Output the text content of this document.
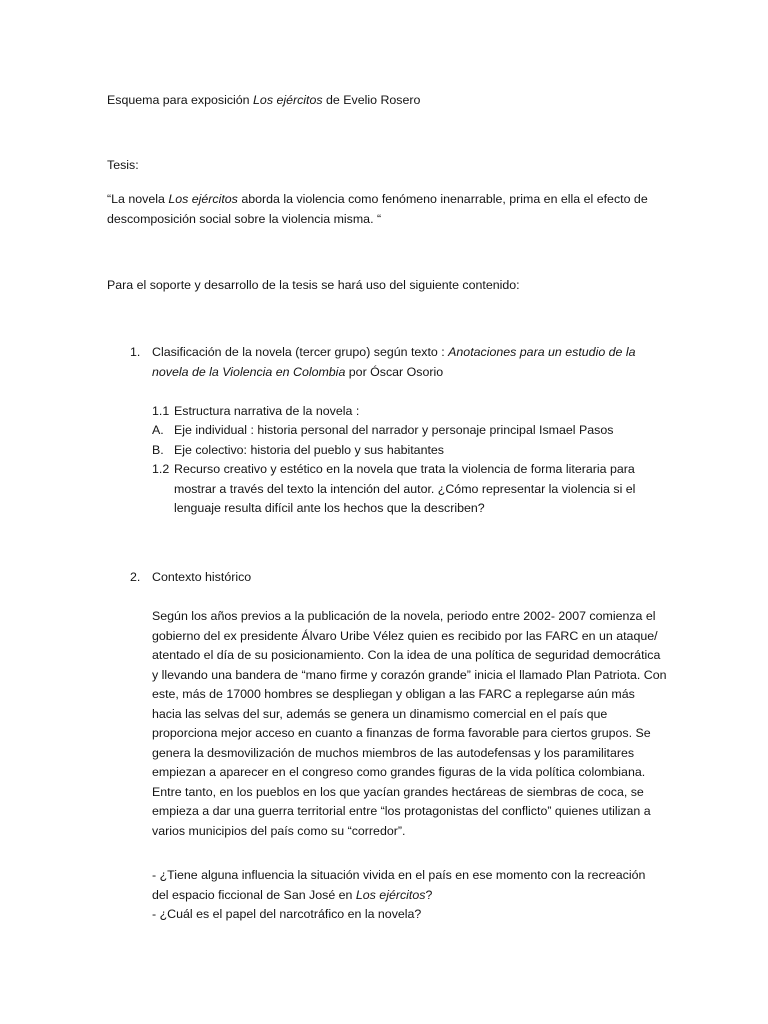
Esquema para exposición Los ejércitos de Evelio Rosero
Tesis:
“La novela Los ejércitos aborda la violencia como fenómeno inenarrable, prima en ella el efecto de descomposición social sobre la violencia misma. “
Para el soporte y desarrollo de la tesis se hará uso del siguiente contenido:
1. Clasificación de la novela (tercer grupo) según texto : Anotaciones para un estudio de la novela de la Violencia en Colombia por Óscar Osorio
1.1 Estructura narrativa de la novela :
A. Eje individual : historia personal del narrador y personaje principal Ismael Pasos
B. Eje colectivo: historia del pueblo y sus habitantes
1.2 Recurso creativo y estético en la novela que trata la violencia de forma literaria para mostrar a través del texto la intención del autor. ¿Cómo representar la violencia si el lenguaje resulta difícil ante los hechos que la describen?
2. Contexto histórico
Según los años previos a la publicación de la novela, periodo entre 2002- 2007 comienza el gobierno del ex presidente Álvaro Uribe Vélez quien es recibido por las FARC en un ataque/ atentado el día de su posicionamiento. Con la idea de una política de seguridad democrática y llevando una bandera de “mano firme y corazón grande” inicia el llamado Plan Patriota. Con este, más de 17000 hombres se despliegan y obligan a las FARC a replegarse aún más hacia las selvas del sur, además se genera un dinamismo comercial en el país que proporciona mejor acceso en cuanto a finanzas de forma favorable para ciertos grupos. Se genera la desmovilización de muchos miembros de las autodefensas y los paramilitares empiezan a aparecer en el congreso como grandes figuras de la vida política colombiana. Entre tanto, en los pueblos en los que yacían grandes hectáreas de siembras de coca, se empieza a dar una guerra territorial entre “los protagonistas del conflicto” quienes utilizan a varios municipios del país como su “corredor”.
- ¿Tiene alguna influencia la situación vivida en el país en ese momento con la recreación del espacio ficcional de San José en Los ejércitos?
- ¿Cuál es el papel del narcotráfico en la novela?
